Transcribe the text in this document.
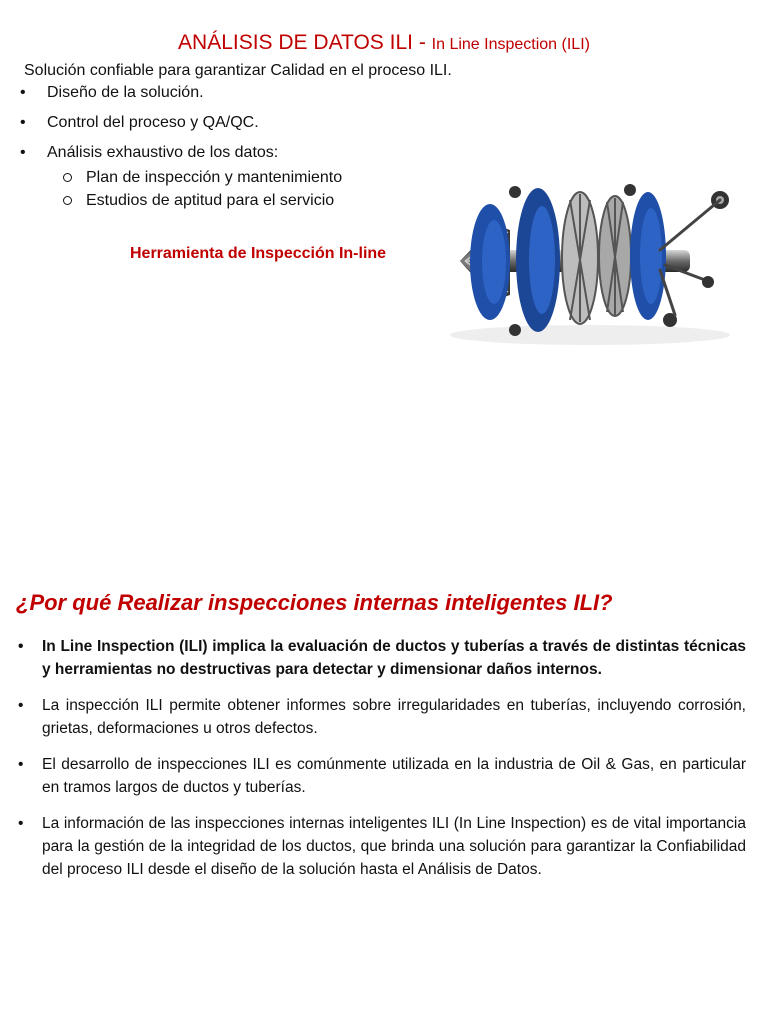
ANÁLISIS DE DATOS ILI - In Line Inspection (ILI)
Solución confiable para garantizar Calidad en el proceso ILI.
• Diseño de la solución.
• Control del proceso y QA/QC.
• Análisis exhaustivo de los datos:
Plan de inspección y mantenimiento
Estudios de aptitud para el servicio
Herramienta de Inspección In-line
¿Por qué Realizar inspecciones internas inteligentes ILI?
• In Line Inspection (ILI) implica la evaluación de ductos y tuberías a través de distintas técnicas y herramientas no destructivas para detectar y dimensionar daños internos.
• La inspección ILI permite obtener informes sobre irregularidades en tuberías, incluyendo corrosión, grietas, deformaciones u otros defectos.
• El desarrollo de inspecciones ILI es comúnmente utilizada en la industria de Oil & Gas, en particular en tramos largos de ductos y tuberías.
• La información de las inspecciones internas inteligentes ILI (In Line Inspection) es de vital importancia para la gestión de la integridad de los ductos, que brinda una solución para garantizar la Confiabilidad del proceso ILI desde el diseño de la solución hasta el Análisis de Datos.
